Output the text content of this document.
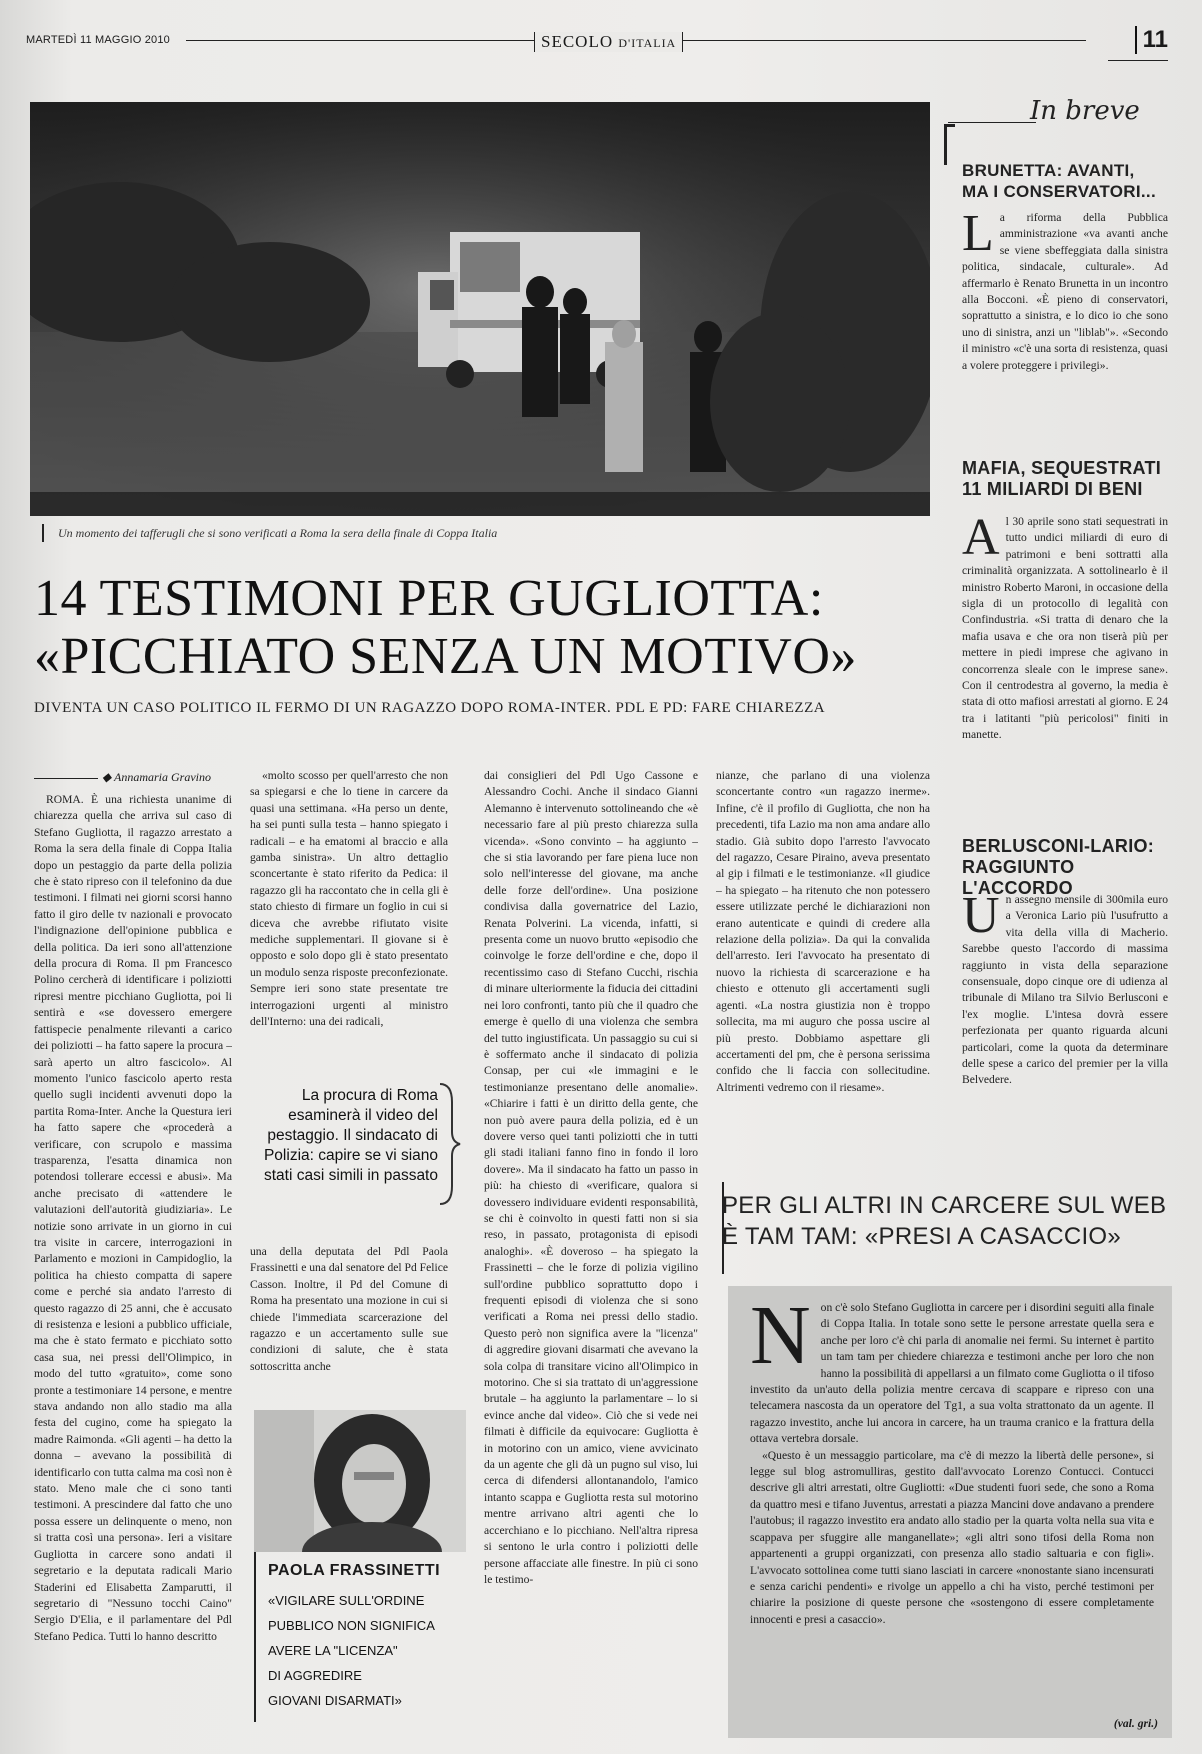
MARTEDÌ 11 MAGGIO 2010	SECOLO D'ITALIA	11
Un momento dei tafferugli che si sono verificati a Roma la sera della finale di Coppa Italia
14 TESTIMONI PER GUGLIOTTA:
«PICCHIATO SENZA UN MOTIVO»
DIVENTA UN CASO POLITICO IL FERMO DI UN RAGAZZO DOPO ROMA-INTER. PDL E PD: FARE CHIAREZZA
◆ Annamaria Gravino

ROMA. È una richiesta unanime di chiarezza quella che arriva sul caso di Stefano Gugliotta, il ragazzo arrestato a Roma la sera della finale di Coppa Italia dopo un pestaggio da parte della polizia che è stato ripreso con il telefonino da due testimoni. I filmati nei giorni scorsi hanno fatto il giro delle tv nazionali e provocato l'indignazione dell'opinione pubblica e della politica. Da ieri sono all'attenzione della procura di Roma. Il pm Francesco Polino cercherà di identificare i poliziotti ripresi mentre picchiano Gugliotta, poi li sentirà e «se dovessero emergere fattispecie penalmente rilevanti a carico dei poliziotti – ha fatto sapere la procura – sarà aperto un altro fascicolo». Al momento l'unico fascicolo aperto resta quello sugli incidenti avvenuti dopo la partita Roma-Inter. Anche la Questura ieri ha fatto sapere che «procederà a verificare, con scrupolo e massima trasparenza, l'esatta dinamica non potendosi tollerare eccessi e abusi». Ma anche precisato di «attendere le valutazioni dell'autorità giudiziaria». Le notizie sono arrivate in un giorno in cui tra visite in carcere, interrogazioni in Parlamento e mozioni in Campidoglio, la politica ha chiesto compatta di sapere come e perché sia andato l'arresto di questo ragazzo di 25 anni, che è accusato di resistenza e lesioni a pubblico ufficiale, ma che è stato fermato e picchiato sotto casa sua, nei pressi dell'Olimpico, in modo del tutto «gratuito», come sono pronte a testimoniare 14 persone, e mentre stava andando non allo stadio ma alla festa del cugino, come ha spiegato la madre Raimonda. «Gli agenti – ha detto la donna – avevano la possibilità di identificarlo con tutta calma ma così non è stato. Meno male che ci sono tanti testimoni. A prescindere dal fatto che uno possa essere un delinquente o meno, non si tratta così una persona». Ieri a visitare Gugliotta in carcere sono andati il segretario e la deputata radicali Mario Staderini ed Elisabetta Zamparutti, il segretario di "Nessuno tocchi Caino" Sergio D'Elia, e il parlamentare del Pdl Stefano Pedica. Tutti lo hanno descritto

«molto scosso per quell'arresto che non sa spiegarsi e che lo tiene in carcere da quasi una settimana. «Ha perso un dente, ha sei punti sulla testa – hanno spiegato i radicali – e ha ematomi al braccio e alla gamba sinistra». Un altro dettaglio sconcertante è stato riferito da Pedica: il ragazzo gli ha raccontato che in cella gli è stato chiesto di firmare un foglio in cui si diceva che avrebbe rifiutato visite mediche supplementari. Il giovane si è opposto e solo dopo gli è stato presentato un modulo senza risposte preconfezionate. Sempre ieri sono state presentate tre interrogazioni urgenti al ministro dell'Interno: una dei radicali,

La procura di Roma esaminerà il video del pestaggio. Il sindacato di Polizia: capire se vi siano stati casi simili in passato

una della deputata del Pdl Paola Frassinetti e una dal senatore del Pd Felice Casson. Inoltre, il Pd del Comune di Roma ha presentato una mozione in cui si chiede l'immediata scarcerazione del ragazzo e un accertamento sulle sue condizioni di salute, che è stata sottoscritta anche

PAOLA FRASSINETTI
«VIGILARE SULL'ORDINE
PUBBLICO NON SIGNIFICA
AVERE LA "LICENZA"
DI AGGREDIRE
GIOVANI DISARMATI»

dai consiglieri del Pdl Ugo Cassone e Alessandro Cochi. Anche il sindaco Gianni Alemanno è intervenuto sottolineando che «è necessario fare al più presto chiarezza sulla vicenda». «Sono convinto – ha aggiunto – che si stia lavorando per fare piena luce non solo nell'interesse del giovane, ma anche delle forze dell'ordine». Una posizione condivisa dalla governatrice del Lazio, Renata Polverini. La vicenda, infatti, si presenta come un nuovo brutto «episodio che coinvolge le forze dell'ordine e che, dopo il recentissimo caso di Stefano Cucchi, rischia di minare ulteriormente la fiducia dei cittadini nei loro confronti, tanto più che il quadro che emerge è quello di una violenza che sembra del tutto ingiustificata. Un passaggio su cui si è soffermato anche il sindacato di polizia Consap, per cui «le immagini e le testimonianze presentano delle anomalie». «Chiarire i fatti è un diritto della gente, che non può avere paura della polizia, ed è un dovere verso quei tanti poliziotti che in tutti gli stadi italiani fanno fino in fondo il loro dovere». Ma il sindacato ha fatto un passo in più: ha chiesto di «verificare, qualora si dovessero individuare evidenti responsabilità, se chi è coinvolto in questi fatti non si sia reso, in passato, protagonista di episodi analoghi». «È doveroso – ha spiegato la Frassinetti – che le forze di polizia vigilino sull'ordine pubblico soprattutto dopo i frequenti episodi di violenza che si sono verificati a Roma nei pressi dello stadio. Questo però non significa avere la "licenza" di aggredire giovani disarmati che avevano la sola colpa di transitare vicino all'Olimpico in motorino. Che si sia trattato di un'aggressione brutale – ha aggiunto la parlamentare – lo si evince anche dal video». Ciò che si vede nei filmati è difficile da equivocare: Gugliotta è in motorino con un amico, viene avvicinato da un agente che gli dà un pugno sul viso, lui cerca di difendersi allontanandolo, l'amico intanto scappa e Gugliotta resta sul motorino mentre arrivano altri agenti che lo accerchiano e lo picchiano. Nell'altra ripresa si sentono le urla contro i poliziotti delle persone affacciate alle finestre. In più ci sono le testimo-

nianze, che parlano di una violenza sconcertante contro «un ragazzo inerme». Infine, c'è il profilo di Gugliotta, che non ha precedenti, tifa Lazio ma non ama andare allo stadio. Già subito dopo l'arresto l'avvocato del ragazzo, Cesare Piraino, aveva presentato al gip i filmati e le testimonianze. «Il giudice – ha spiegato – ha ritenuto che non potessero essere utilizzate perché le dichiarazioni non erano autenticate e quindi di credere alla relazione della polizia». Da qui la convalida dell'arresto. Ieri l'avvocato ha presentato di nuovo la richiesta di scarcerazione e ha chiesto e ottenuto gli accertamenti sugli agenti. «La nostra giustizia non è troppo sollecita, ma mi auguro che possa uscire al più presto. Dobbiamo aspettare gli accertamenti del pm, che è persona serissima confido che li faccia con sollecitudine. Altrimenti vedremo con il riesame».

In breve
BRUNETTA: AVANTI,
MA I CONSERVATORI...

La riforma della Pubblica amministrazione «va avanti anche se viene sbeffeggiata dalla sinistra politica, sindacale, culturale». Ad affermarlo è Renato Brunetta in un incontro alla Bocconi. «È pieno di conservatori, soprattutto a sinistra, e lo dico io che sono uno di sinistra, anzi un "liblab"». «Secondo il ministro «c'è una sorta di resistenza, quasi a volere proteggere i privilegi».

MAFIA, SEQUESTRATI
11 MILIARDI DI BENI

Al 30 aprile sono stati sequestrati in tutto undici miliardi di euro di patrimoni e beni sottratti alla criminalità organizzata. A sottolinearlo è il ministro Roberto Maroni, in occasione della sigla di un protocollo di legalità con Confindustria. «Si tratta di denaro che la mafia usava e che ora non tiserà più per mettere in piedi imprese che agivano in concorrenza sleale con le imprese sane». Con il centrodestra al governo, la media è stata di otto mafiosi arrestati al giorno. E 24 tra i latitanti "più pericolosi" finiti in manette.

BERLUSCONI-LARIO:
RAGGIUNTO L'ACCORDO

Un assegno mensile di 300mila euro a Veronica Lario più l'usufrutto a vita della villa di Macherio. Sarebbe questo l'accordo di massima raggiunto in vista della separazione consensuale, dopo cinque ore di udienza al tribunale di Milano tra Silvio Berlusconi e l'ex moglie. L'intesa dovrà essere perfezionata per quanto riguarda alcuni particolari, come la quota da determinare delle spese a carico del premier per la villa Belvedere.

PER GLI ALTRI IN CARCERE SUL WEB
È TAM TAM: «PRESI A CASACCIO»

Non c'è solo Stefano Gugliotta in carcere per i disordini seguiti alla finale di Coppa Italia. In totale sono sette le persone arrestate quella sera e anche per loro c'è chi parla di anomalie nei fermi. Su internet è partito un tam tam per chiedere chiarezza e testimoni anche per loro che non hanno la possibilità di appellarsi a un filmato come Gugliotta o il tifoso investito da un'auto della polizia mentre cercava di scappare e ripreso con una telecamera nascosta da un operatore del Tg1, a sua volta strattonato da un agente. Il ragazzo investito, anche lui ancora in carcere, ha un trauma cranico e la frattura della ottava vertebra dorsale.

«Questo è un messaggio particolare, ma c'è di mezzo la libertà delle persone», si legge sul blog astromulliras, gestito dall'avvocato Lorenzo Contucci. Contucci descrive gli altri arrestati, oltre Gugliotti: «Due studenti fuori sede, che sono a Roma da quattro mesi e tifano Juventus, arrestati a piazza Mancini dove andavano a prendere l'autobus; il ragazzo investito era andato allo stadio per la quarta volta nella sua vita e scappava per sfuggire alle manganellate»; «gli altri sono tifosi della Roma non appartenenti a gruppi organizzati, con presenza allo stadio saltuaria e con figli». L'avvocato sottolinea come tutti siano lasciati in carcere «nonostante siano incensurati e senza carichi pendenti» e rivolge un appello a chi ha visto, perché testimoni per chiarire la posizione di queste persone che «sostengono di essere completamente innocenti e presi a casaccio».

(val. gri.)
